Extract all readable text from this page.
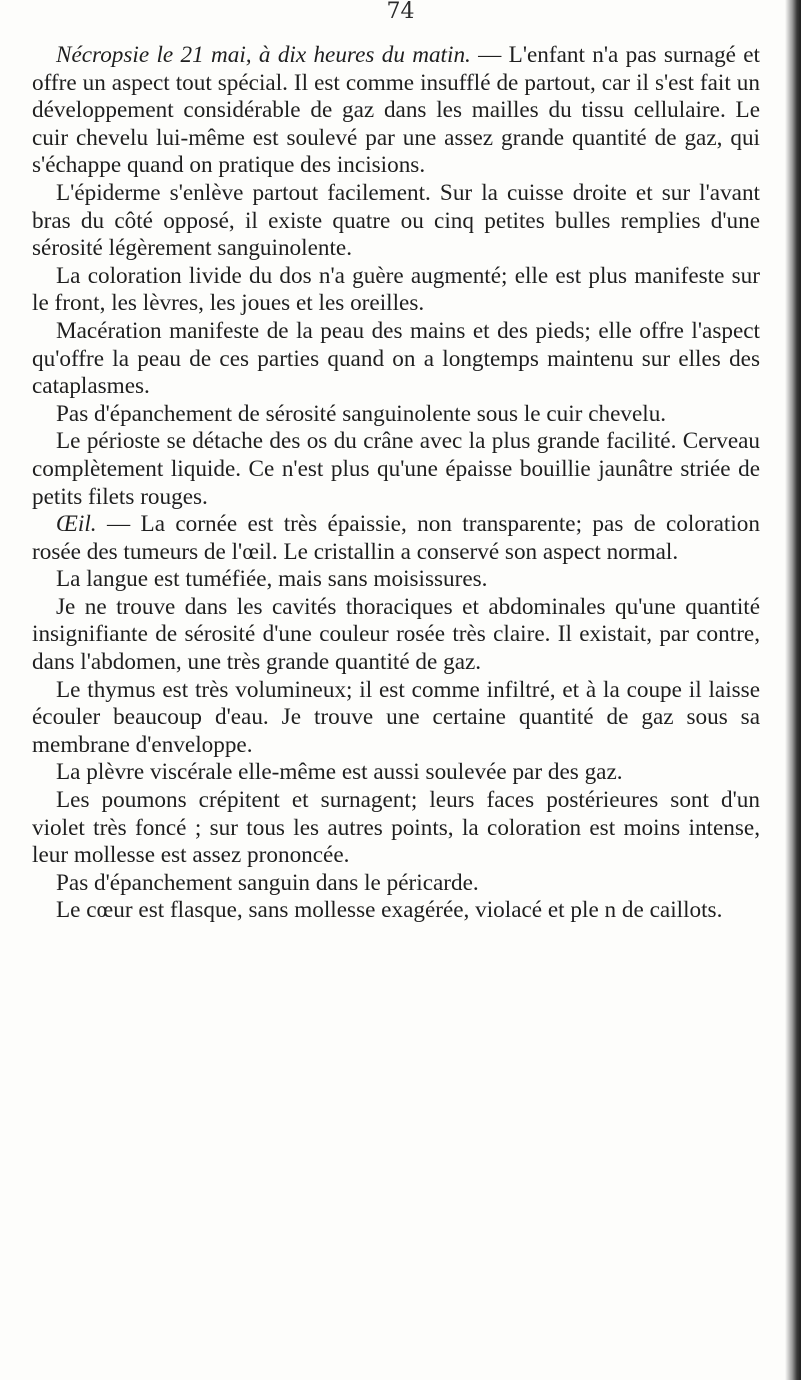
74

Nécropsie le 21 mai, à dix heures du matin. — L'enfant n'a pas surnagé et offre un aspect tout spécial. Il est comme insufflé de partout, car il s'est fait un développement considérable de gaz dans les mailles du tissu cellulaire. Le cuir chevelu lui-même est soulevé par une assez grande quantité de gaz, qui s'échappe quand on pratique des incisions.

L'épiderme s'enlève partout facilement. Sur la cuisse droite et sur l'avant bras du côté opposé, il existe quatre ou cinq petites bulles remplies d'une sérosité légèrement sanguinolente.

La coloration livide du dos n'a guère augmenté; elle est plus manifeste sur le front, les lèvres, les joues et les oreilles.

Macération manifeste de la peau des mains et des pieds; elle offre l'aspect qu'offre la peau de ces parties quand on a longtemps maintenu sur elles des cataplasmes.

Pas d'épanchement de sérosité sanguinolente sous le cuir chevelu.

Le périoste se détache des os du crâne avec la plus grande facilité. Cerveau complètement liquide. Ce n'est plus qu'une épaisse bouillie jaunâtre striée de petits filets rouges.

Œil. — La cornée est très épaissie, non transparente; pas de coloration rosée des tumeurs de l'œil. Le cristallin a conservé son aspect normal.

La langue est tuméfiée, mais sans moisissures.

Je ne trouve dans les cavités thoraciques et abdominales qu'une quantité insignifiante de sérosité d'une couleur rosée très claire. Il existait, par contre, dans l'abdomen, une très grande quantité de gaz.

Le thymus est très volumineux; il est comme infiltré, et à la coupe il laisse écouler beaucoup d'eau. Je trouve une certaine quantité de gaz sous sa membrane d'enveloppe.

La plèvre viscérale elle-même est aussi soulevée par des gaz.

Les poumons crépitent et surnagent; leurs faces postérieures sont d'un violet très foncé ; sur tous les autres points, la coloration est moins intense, leur mollesse est assez prononcée.

Pas d'épanchement sanguin dans le péricarde.

Le cœur est flasque, sans mollesse exagérée, violacé et ple n de caillots.
